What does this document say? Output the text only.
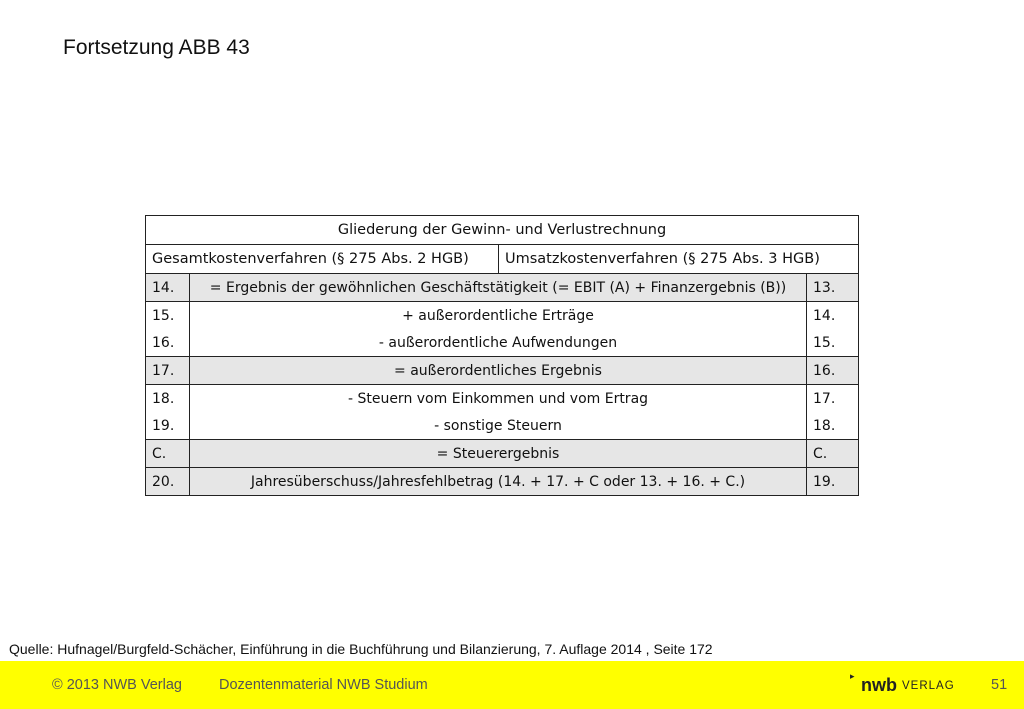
Fortsetzung ABB 43
Gliederung der Gewinn- und Verlustrechnung			
Gesamtkostenverfahren (§ 275 Abs. 2 HGB)		Umsatzkostenverfahren (§ 275 Abs. 3 HGB)	
14.	= Ergebnis der gewöhnlichen Geschäftstätigkeit (= EBIT (A) + Finanzergebnis (B))		13.
15.	+ außerordentliche Erträge		14.
16.	- außerordentliche Aufwendungen		15.
17.	= außerordentliches Ergebnis		16.
18.	- Steuern vom Einkommen und vom Ertrag		17.
19.	- sonstige Steuern		18.
C.	= Steuerergebnis		C.
20.	Jahresüberschuss/Jahresfehlbetrag (14. + 17. + C oder 13. + 16. + C.)		19.
Quelle: Hufnagel/Burgfeld-Schächer, Einführung in die Buchführung und Bilanzierung, 7. Auflage 2014 , Seite 172
© 2013 NWB Verlag	Dozentenmaterial NWB Studium
▸ nwb VERLAG	51
